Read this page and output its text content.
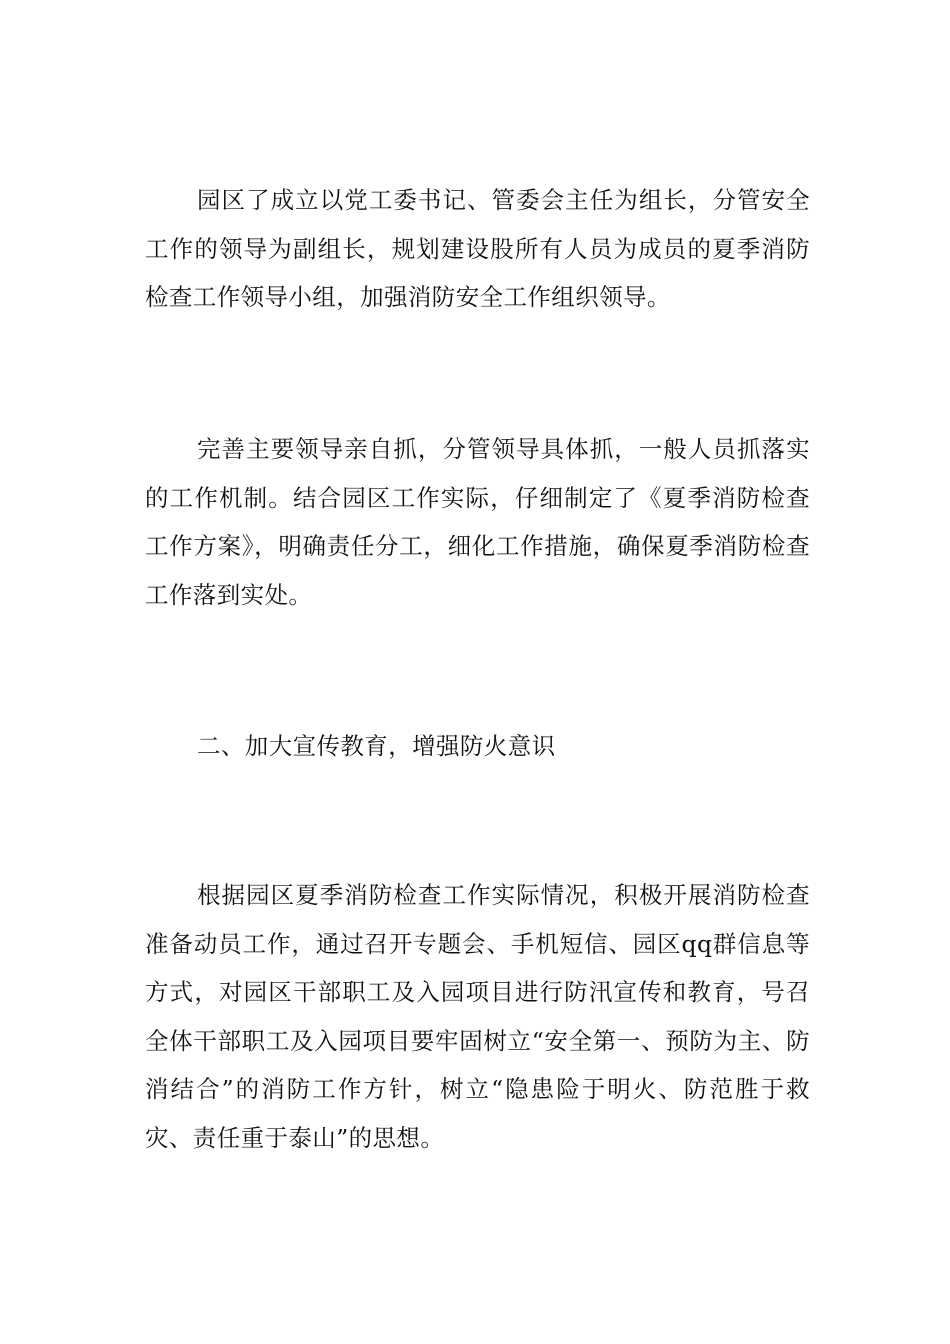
园区了成立以党工委书记、管委会主任为组长，分管安全工作的领导为副组长，规划建设股所有人员为成员的夏季消防检查工作领导小组，加强消防安全工作组织领导。

完善主要领导亲自抓，分管领导具体抓，一般人员抓落实的工作机制。结合园区工作实际，仔细制定了《夏季消防检查工作方案》，明确责任分工，细化工作措施，确保夏季消防检查工作落到实处。

二、加大宣传教育，增强防火意识

根据园区夏季消防检查工作实际情况，积极开展消防检查准备动员工作，通过召开专题会、手机短信、园区qq群信息等方式，对园区干部职工及入园项目进行防汛宣传和教育，号召全体干部职工及入园项目要牢固树立“安全第一、预防为主、防消结合”的消防工作方针，树立“隐患险于明火、防范胜于救灾、责任重于泰山”的思想。
